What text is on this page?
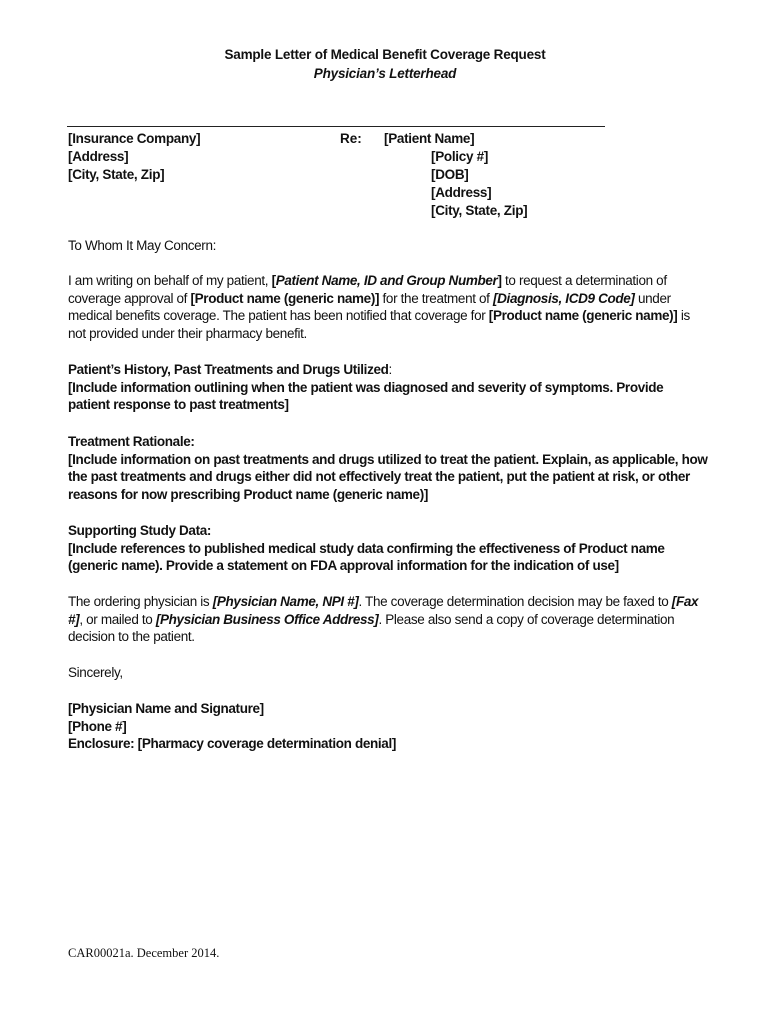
Sample Letter of Medical Benefit Coverage Request
Physician’s Letterhead
[Insurance Company]
[Address]
[City, State, Zip]
Re: [Patient Name]
[Policy #]
[DOB]
[Address]
[City, State, Zip]
To Whom It May Concern:
I am writing on behalf of my patient, [Patient Name, ID and Group Number] to request a determination of coverage approval of [Product name (generic name)] for the treatment of [Diagnosis, ICD9 Code] under medical benefits coverage. The patient has been notified that coverage for [Product name (generic name)] is not provided under their pharmacy benefit.
Patient’s History, Past Treatments and Drugs Utilized:
[Include information outlining when the patient was diagnosed and severity of symptoms. Provide patient response to past treatments]
Treatment Rationale:
[Include information on past treatments and drugs utilized to treat the patient. Explain, as applicable, how the past treatments and drugs either did not effectively treat the patient, put the patient at risk, or other reasons for now prescribing Product name (generic name)]
Supporting Study Data:
[Include references to published medical study data confirming the effectiveness of Product name (generic name). Provide a statement on FDA approval information for the indication of use]
The ordering physician is [Physician Name, NPI #]. The coverage determination decision may be faxed to [Fax #], or mailed to [Physician Business Office Address]. Please also send a copy of coverage determination decision to the patient.
Sincerely,
[Physician Name and Signature]
[Phone #]
Enclosure: [Pharmacy coverage determination denial]
CAR00021a. December 2014.
